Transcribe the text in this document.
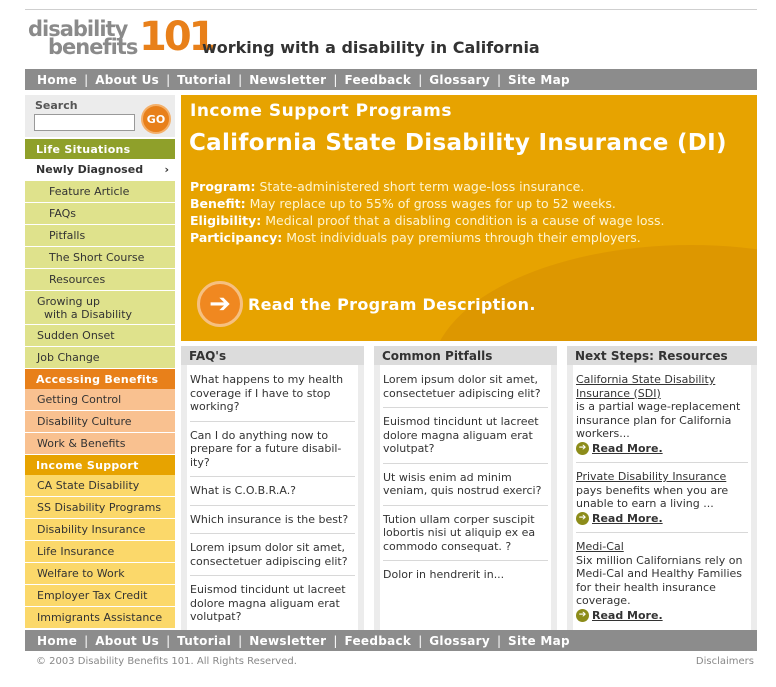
disability
benefits 101
working with a disability in California
Home | About Us | Tutorial | Newsletter | Feedback | Glossary | Site Map
Search
GO
Life Situations
Newly Diagnosed ›
Feature Article
FAQs
Pitfalls
The Short Course
Resources
Growing up
with a Disability
Sudden Onset
Job Change
Accessing Benefits
Getting Control
Disability Culture
Work & Benefits
Income Support
CA State Disability
SS Disability Programs
Disability Insurance
Life Insurance
Welfare to Work
Employer Tax Credit
Immigrants Assistance
Income Support Programs
California State Disability Insurance (DI)
Program: State-administered short term wage-loss insurance.
Benefit: May replace up to 55% of gross wages for up to 52 weeks.
Eligibility: Medical proof that a disabling condition is a cause of wage loss.
Participancy: Most individuals pay premiums through their employers.
➔	Read the Program Description.
FAQ's
What happens to my health coverage if I have to stop working?
Can I do anything now to prepare for a future disabil-ity?
What is C.O.B.R.A.?
Which insurance is the best?
Lorem ipsum dolor sit amet, consectetuer adipiscing elit?
Euismod tincidunt ut lacreet dolore magna aliguam erat volutpat?
Common Pitfalls
Lorem ipsum dolor sit amet, consectetuer adipiscing elit?
Euismod tincidunt ut lacreet dolore magna aliguam erat volutpat?
Ut wisis enim ad minim veniam, quis nostrud exerci?
Tution ullam corper suscipit lobortis nisi ut aliquip ex ea commodo consequat. ?
Dolor in hendrerit in...
Next Steps: Resources
California State Disability Insurance (SDI)
is a partial wage-replacement insurance plan for California workers...
➔ Read More.
Private Disability Insurance
pays benefits when you are unable to earn a living ...
➔ Read More.
Medi-Cal
Six million Californians rely on Medi-Cal and Healthy Families for their health insurance coverage.
➔ Read More.
Home | About Us | Tutorial | Newsletter | Feedback | Glossary | Site Map
© 2003 Disability Benefits 101. All Rights Reserved.	Disclaimers
